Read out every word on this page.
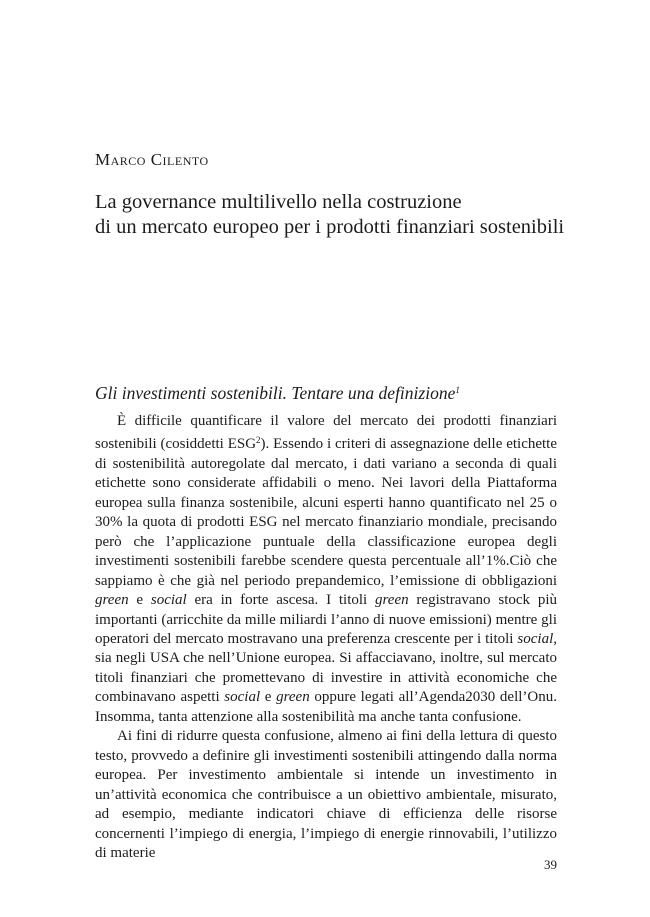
Marco Cilento

La governance multilivello nella costruzione
di un mercato europeo per i prodotti finanziari sostenibili
Gli investimenti sostenibili. Tentare una definizione$^1$

È difficile quantificare il valore del mercato dei prodotti finanziari sostenibili (cosiddetti ESG$^2$). Essendo i criteri di assegnazione delle etichette di sostenibilità autoregolate dal mercato, i dati variano a seconda di quali etichette sono considerate affidabili o meno. Nei lavori della Piattaforma europea sulla finanza sostenibile, alcuni esperti hanno quantificato nel 25 o 30% la quota di prodotti ESG nel mercato finanziario mondiale, precisando però che l’applicazione puntuale della classificazione europea degli investimenti sostenibili farebbe scendere questa percentuale all’1%.Ciò che sappiamo è che già nel periodo prepandemico, l’emissione di obbligazioni green e social era in forte ascesa. I titoli green registravano stock più importanti (arricchite da mille miliardi l’anno di nuove emissioni) mentre gli operatori del mercato mostravano una preferenza crescente per i titoli social, sia negli USA che nell’Unione europea. Si affacciavano, inoltre, sul mercato titoli finanziari che promettevano di investire in attività economiche che combinavano aspetti social e green oppure legati all’Agenda2030 dell’Onu. Insomma, tanta attenzione alla sostenibilità ma anche tanta confusione.

Ai fini di ridurre questa confusione, almeno ai fini della lettura di questo testo, provvedo a definire gli investimenti sostenibili attingendo dalla norma europea. Per investimento ambientale si intende un investimento in un’attività economica che contribuisce a un obiettivo ambientale, misurato, ad esempio, mediante indicatori chiave di efficienza delle risorse concernenti l’impiego di energia, l’impiego di energie rinnovabili, l’utilizzo di materie

39
